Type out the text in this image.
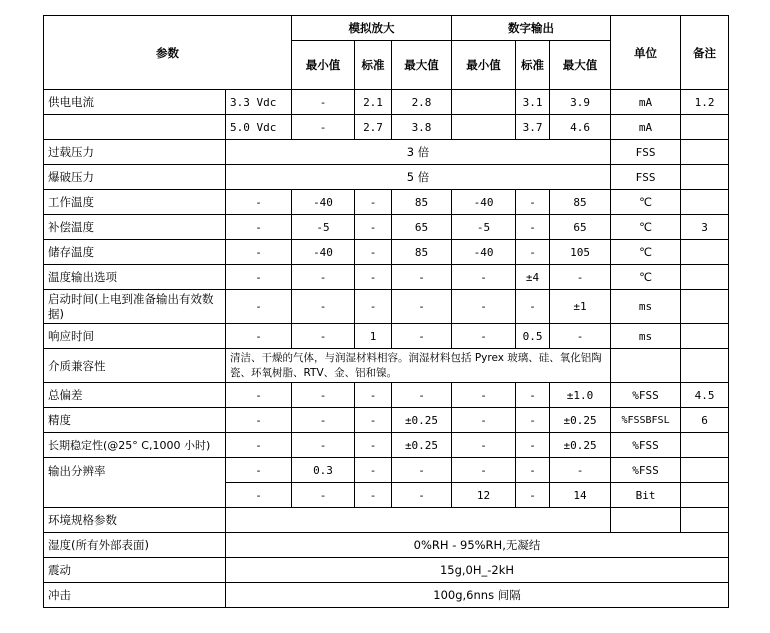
参数		模拟放大			数字输出			单位	备注
		最小值	标准	最大值	最小值	标准	最大值		
供电电流	3.3 Vdc	-	2.1	2.8		3.1	3.9	mA	1.2
	5.0 Vdc	-	2.7	3.8		3.7	4.6	mA	
过载压力	3 倍							FSS	
爆破压力	5 倍							FSS	
工作温度	-	-40	-	85	-40	-	85	℃	
补偿温度	-	-5	-	65	-5	-	65	℃	3
储存温度	-	-40	-	85	-40	-	105	℃	
温度输出选项	-	-	-	-	-	±4	-	℃	
启动时间(上电到准备输出有效数据)	-	-	-	-	-	-	±1	ms	
响应时间	-	-	1	-	-	0.5	-	ms	
介质兼容性	清洁、干燥的气体，与润湿材料相容。润湿材料包括 Pyrex 玻璃、硅、氧化铝陶瓷、环氧树脂、RTV、金、铝和镍。								
总偏差	-	-	-	-	-	-	±1.0	%FSS	4.5
精度	-	-	-	±0.25	-	-	±0.25	%FSSBFSL	6
长期稳定性(@25° C,1000 小时)	-	-	-	±0.25	-	-	±0.25	%FSS	
输出分辨率	-	0.3	-	-	-	-	-	%FSS	
	-	-	-	-	12	-	14	Bit	
环境规格参数									
湿度(所有外部表面)	0%RH - 95%RH,无凝结								
震动	15g,0H_-2kH								
冲击	100g,6nns 间隔								
